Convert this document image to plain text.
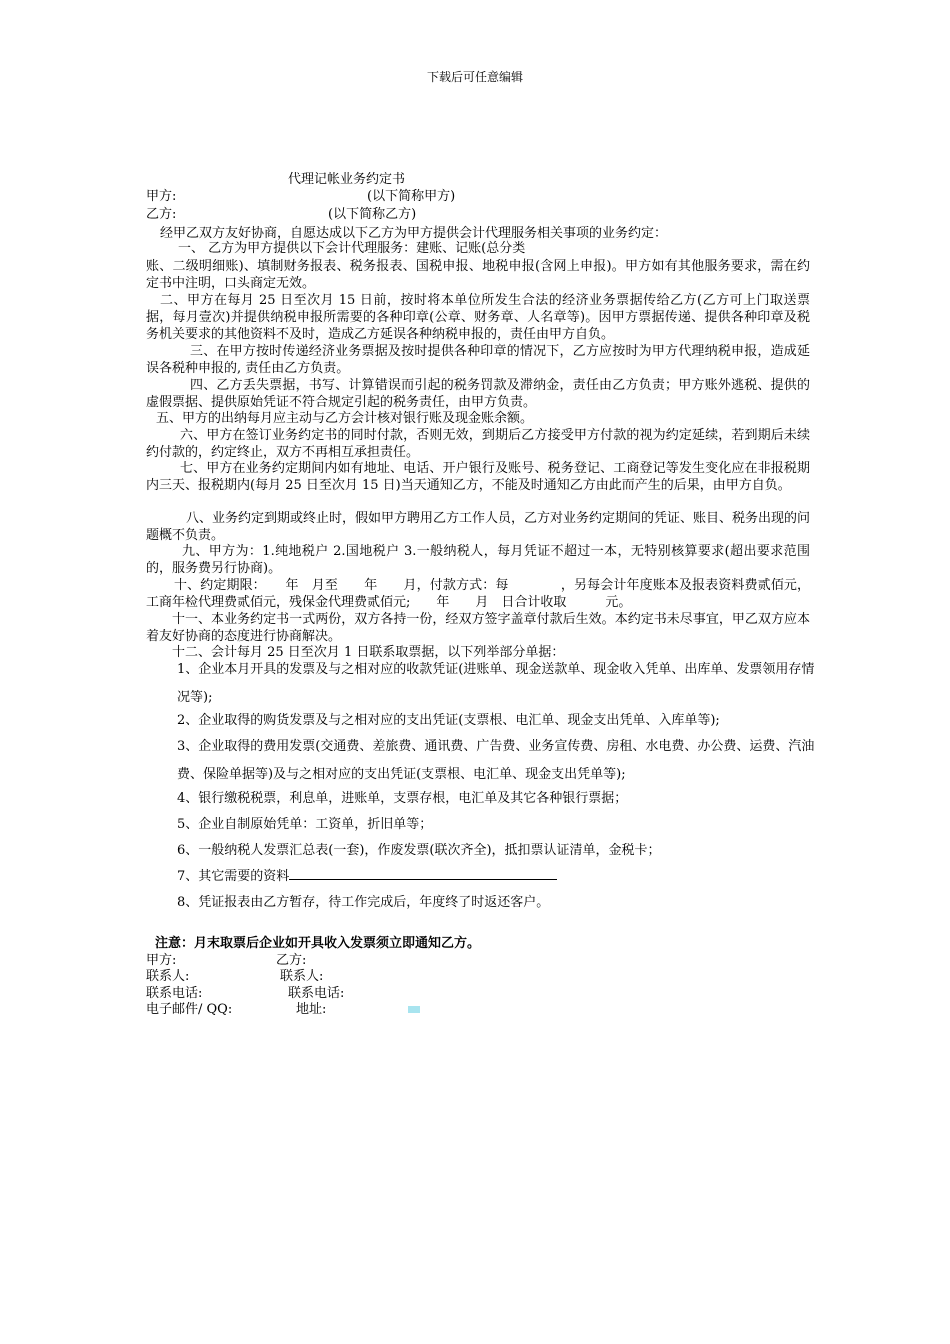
下载后可任意编辑
代理记帐业务约定书
甲方:	(以下简称甲方)
乙方:	(以下简称乙方)
经甲乙双方友好协商，自愿达成以下乙方为甲方提供会计代理服务相关事项的业务约定：
一、 乙方为甲方提供以下会计代理服务：建账、记账(总分类
账、二级明细账)、填制财务报表、税务报表、国税申报、地税申报(含网上申报)。甲方如有其他服务要求，需在约定书中注明，口头商定无效。
二、甲方在每月 25 日至次月 15 日前，按时将本单位所发生合法的经济业务票据传给乙方(乙方可上门取送票据，每月壹次)并提供纳税申报所需要的各种印章(公章、财务章、人名章等)。因甲方票据传递、提供各种印章及税务机关要求的其他资料不及时，造成乙方延误各种纳税申报的，责任由甲方自负。
三、在甲方按时传递经济业务票据及按时提供各种印章的情况下，乙方应按时为甲方代理纳税申报，造成延误各税种申报的, 责任由乙方负责。
四、乙方丢失票据，书写、计算错误而引起的税务罚款及滞纳金，责任由乙方负责；甲方账外逃税、提供的虚假票据、提供原始凭证不符合规定引起的税务责任，由甲方负责。
五、甲方的出纳每月应主动与乙方会计核对银行账及现金账余额。
六、甲方在签订业务约定书的同时付款，否则无效，到期后乙方接受甲方付款的视为约定延续，若到期后未续约付款的，约定终止，双方不再相互承担责任。
七、甲方在业务约定期间内如有地址、电话、开户银行及账号、税务登记、工商登记等发生变化应在非报税期内三天、报税期内(每月 25 日至次月 15 日)当天通知乙方，不能及时通知乙方由此而产生的后果，由甲方自负。
八、业务约定到期或终止时，假如甲方聘用乙方工作人员，乙方对业务约定期间的凭证、账目、税务出现的问题概不负责。
九、甲方为：1.纯地税户 2.国地税户 3.一般纳税人，每月凭证不超过一本，无特别核算要求(超出要求范围的，服务费另行协商)。
十、约定期限：　　年　月至　　年　　月，付款方式：每　　　　，另每会计年度账本及报表资料费贰佰元，工商年检代理费贰佰元，残保金代理费贰佰元;　　年　　月　日合计收取　　　元。
十一、本业务约定书一式两份，双方各持一份，经双方签字盖章付款后生效。本约定书未尽事宜，甲乙双方应本着友好协商的态度进行协商解决。
十二、会计每月 25 日至次月 1 日联系取票据，以下列举部分单据：
1、企业本月开具的发票及与之相对应的收款凭证(进账单、现金送款单、现金收入凭单、出库单、发票领用存情况等);
2、企业取得的购货发票及与之相对应的支出凭证(支票根、电汇单、现金支出凭单、入库单等);
3、企业取得的费用发票(交通费、差旅费、通讯费、广告费、业务宣传费、房租、水电费、办公费、运费、汽油费、保险单据等)及与之相对应的支出凭证(支票根、电汇单、现金支出凭单等);
4、银行缴税税票，利息单，进账单，支票存根，电汇单及其它各种银行票据；
5、企业自制原始凭单：工资单，折旧单等；
6、一般纳税人发票汇总表(一套)，作废发票(联次齐全)，抵扣票认证清单，金税卡；
7、其它需要的资料
8、凭证报表由乙方暂存，待工作完成后，年度终了时返还客户。
注意：月末取票后企业如开具收入发票须立即通知乙方。
甲方:	乙方:
联系人:	联系人:
联系电话:	联系电话:
电子邮件/ QQ:	地址:
